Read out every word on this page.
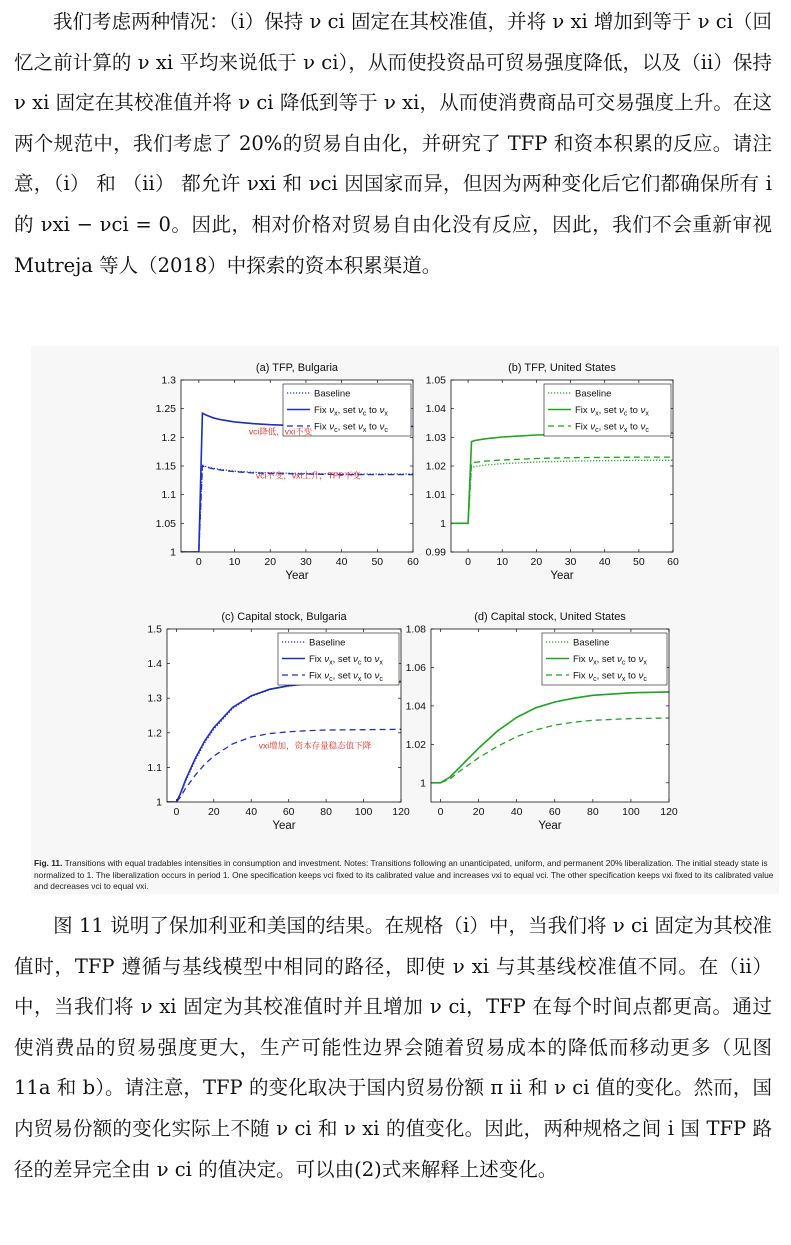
  我们考虑两种情况：（i）保持 ν ci 固定在其校准值，并将 ν xi 增加到等于 ν ci（回忆之前计算的 ν xi 平均来说低于 ν ci），从而使投资品可贸易强度降低，以及（ii）保持 ν xi 固定在其校准值并将 ν ci 降低到等于 ν xi，从而使消费商品可交易强度上升。在这两个规范中，我们考虑了 20%的贸易自由化，并研究了 TFP 和资本积累的反应。请注意，（i） 和 （ii） 都允许 νxi 和 νci 因国家而异，但因为两种变化后它们都确保所有 i 的 νxi − νci = 0。因此，相对价格对贸易自由化没有反应，因此，我们不会重新审视 Mutreja 等人（2018）中探索的资本积累渠道。

(a) TFP, Bulgaria
0	10 20 30 40 50 60
1
1.05
1.1
1.15
1.2
1.25
1.3
Year
Baseline
Fix $\nu_x$, set $\nu_c$ to $\nu_x$
Fix $\nu_c$, set $\nu_x$ to $\nu_c$
vci降低，vxi不变
vci不变，vxi上升，TFP不变
(b) TFP, United States
0 10 20 30 40 50 60
0.99
1
1.01
1.02
1.03
1.04
1.05
Year
Baseline
Fix $\nu_x$, set $\nu_c$ to $\nu_x$
Fix $\nu_c$, set $\nu_x$ to $\nu_c$
(c) Capital stock, Bulgaria
0	20 40 60 80 100 120
1
1.1
1.2
1.3
1.4
1.5
Year
Baseline
Fix $\nu_x$, set $\nu_c$ to $\nu_x$
Fix $\nu_c$, set $\nu_x$ to $\nu_c$
vxi增加，资本存量稳态值下降
(d) Capital stock, United States
0	20	40	60	80 100 120
1
1.02
1.04
1.06
1.08
Year
Baseline
Fix $\nu_x$, set $\nu_c$ to $\nu_x$
Fix $\nu_c$, set $\nu_x$ to $\nu_c$
Fig. 11. Transitions with equal tradables intensities in consumption and investment. Notes: Transitions following an unanticipated, uniform, and permanent 20% liberalization. The initial steady state is normalized to 1. The liberalization occurs in period 1. One specification keeps νci fixed to its calibrated value and increases νxi to equal νci. The other specification keeps νxi fixed to its calibrated value and decreases νci to equal νxi.

  图 11 说明了保加利亚和美国的结果。在规格（i）中，当我们将 ν ci 固定为其校准值时，TFP 遵循与基线模型中相同的路径，即使 ν xi 与其基线校准值不同。在（ii）中，当我们将 ν xi 固定为其校准值时并且增加 ν ci，TFP 在每个时间点都更高。通过使消费品的贸易强度更大，生产可能性边界会随着贸易成本的降低而移动更多（见图 11a 和 b）。请注意，TFP 的变化取决于国内贸易份额 π ii 和 ν ci 值的变化。然而，国内贸易份额的变化实际上不随 ν ci 和 ν xi 的值变化。因此，两种规格之间 i 国 TFP 路径的差异完全由 ν ci 的值决定。可以由(2)式来解释上述变化。
